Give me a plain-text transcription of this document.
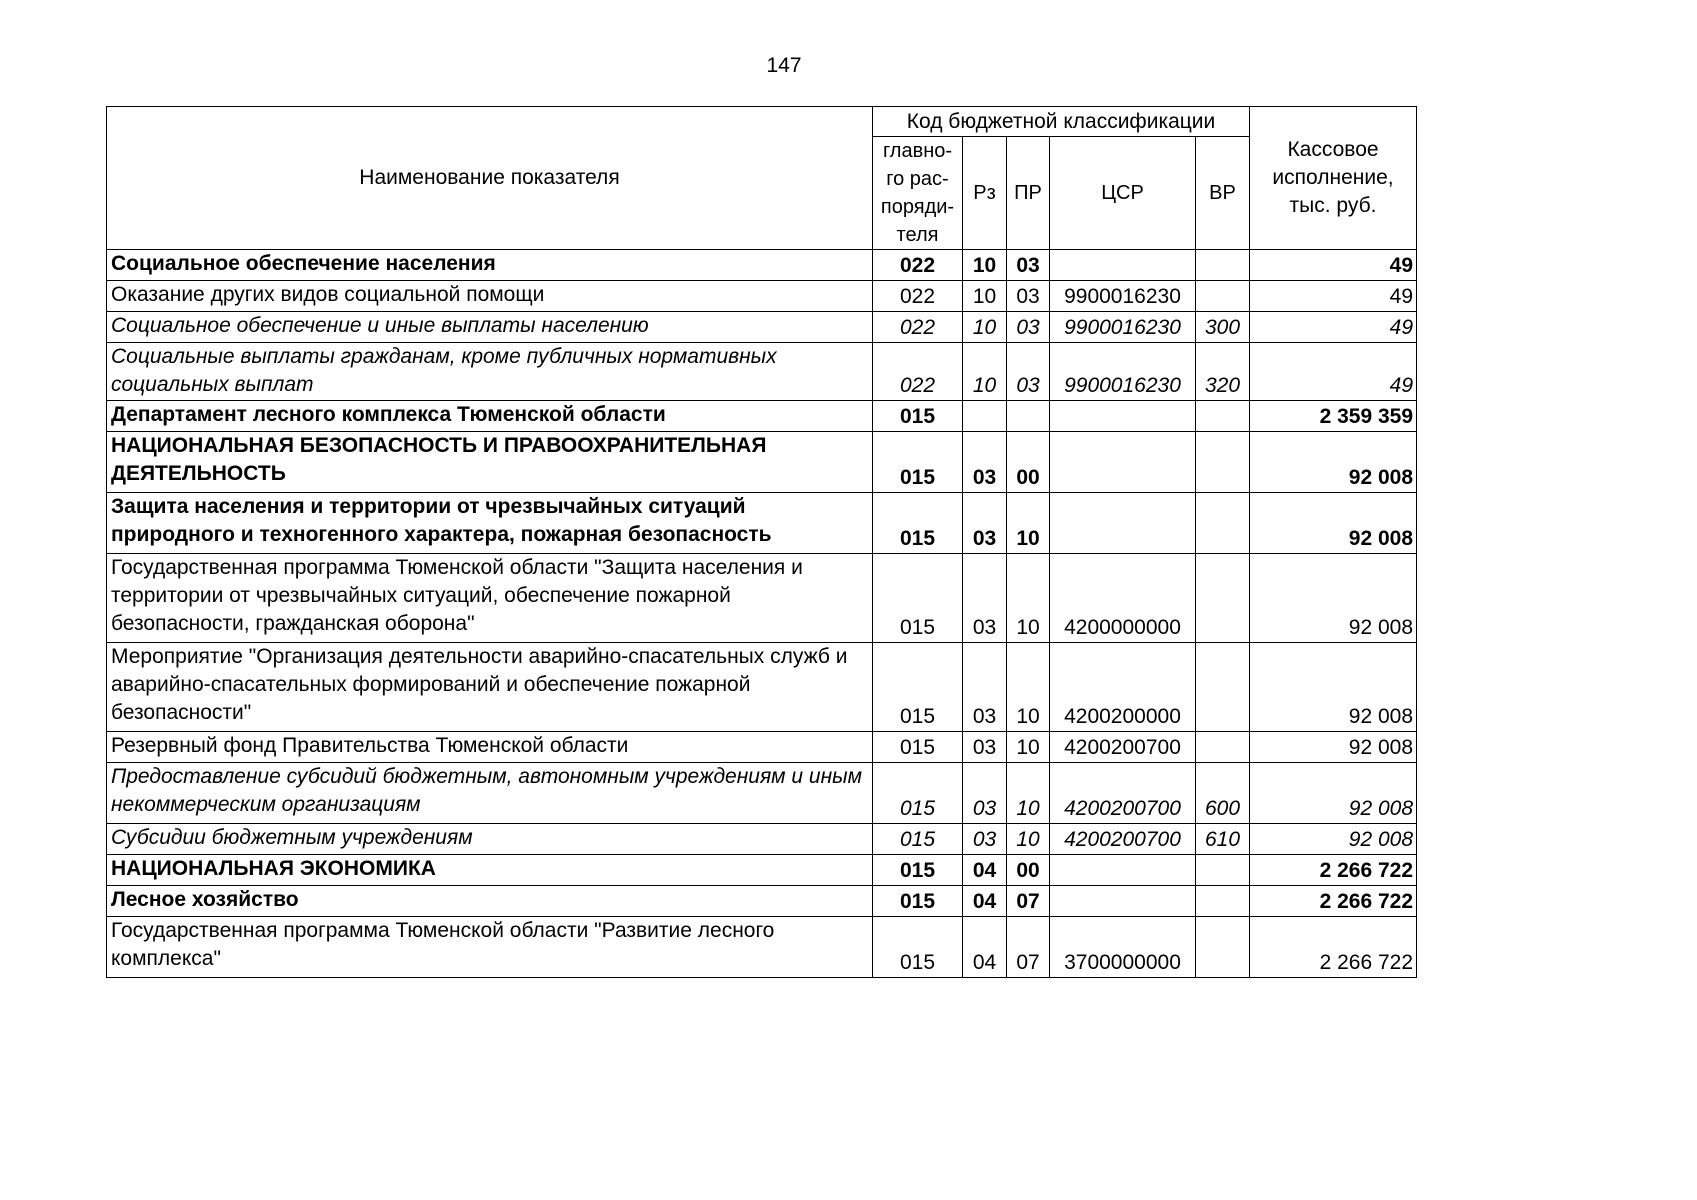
147
Наименование показателя	Код бюджетной классификации					Кассовое исполнение, тыс. руб.
	главно-го рас-поряди-теля	Рз	ПР	ЦСР	ВР	
Социальное обеспечение населения	022	10	03			49
Оказание других видов социальной помощи	022	10	03	9900016230		49
Социальное обеспечение и иные выплаты населению	022	10	03	9900016230	300	49
Социальные выплаты гражданам, кроме публичных нормативных социальных выплат	022	10	03	9900016230	320	49
Департамент лесного комплекса Тюменской области	015					2 359 359
НАЦИОНАЛЬНАЯ БЕЗОПАСНОСТЬ И ПРАВООХРАНИТЕЛЬНАЯ ДЕЯТЕЛЬНОСТЬ	015	03	00			92 008
Защита населения и территории от чрезвычайных ситуаций природного и техногенного характера, пожарная безопасность	015	03	10			92 008
Государственная программа Тюменской области "Защита населения и территории от чрезвычайных ситуаций, обеспечение пожарной безопасности, гражданская оборона"	015	03	10	4200000000		92 008
Мероприятие "Организация деятельности аварийно-спасательных служб и аварийно-спасательных формирований и обеспечение пожарной безопасности"	015	03	10	4200200000		92 008
Резервный фонд Правительства Тюменской области	015	03	10	4200200700		92 008
Предоставление субсидий бюджетным, автономным учреждениям и иным некоммерческим организациям	015	03	10	4200200700	600	92 008
Субсидии бюджетным учреждениям	015	03	10	4200200700	610	92 008
НАЦИОНАЛЬНАЯ ЭКОНОМИКА	015	04	00			2 266 722
Лесное хозяйство	015	04	07			2 266 722
Государственная программа Тюменской области "Развитие лесного комплекса"	015	04	07	3700000000		2 266 722
